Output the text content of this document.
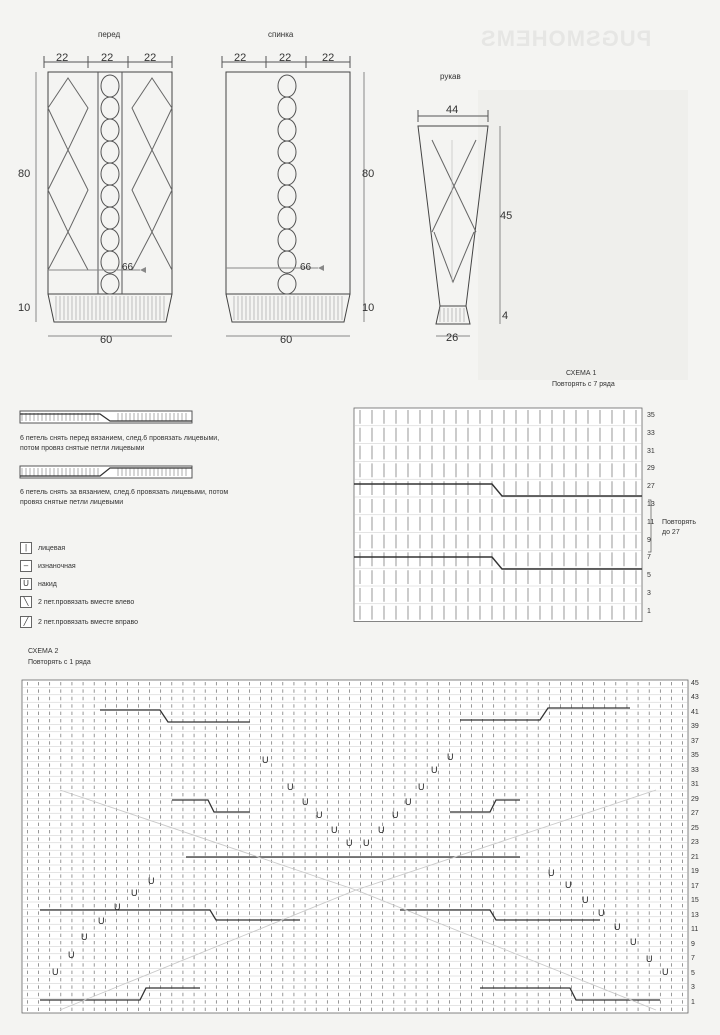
PUGSMOHEMS
U
U
U
U	U
U	U
U	U
U	U
U U
U
U	U
U
U
U
U
U
U
U	U
U	U
U	U
перед
22	22	22
80
10
60
66
спинка
22	22	22
80
10
60
66
рукав
44
45
4
26
6 петель снять перед вязанием, след.6 провязать лицевыми, потом провяз снятые петли лицевыми
6 петель снять за вязанием, след.6 провязать лицевыми, потом провяз снятые петли лицевыми
|	лицевая
–	изнаночная
U	накид
╲	2 пет.провязать вместе влево
╱	2 пет.провязать вместе вправо
СХЕМА 1
Повторять с 7 ряда
35
33
31
29
27
13
11
9
7
5
3
1
Повторять
до 27
СХЕМА 2
Повторять с 1 ряда
45
43
41
39
37
35
33
31
29
27
25
23
21
19
17
15
13
11
9
7
5
3
1
